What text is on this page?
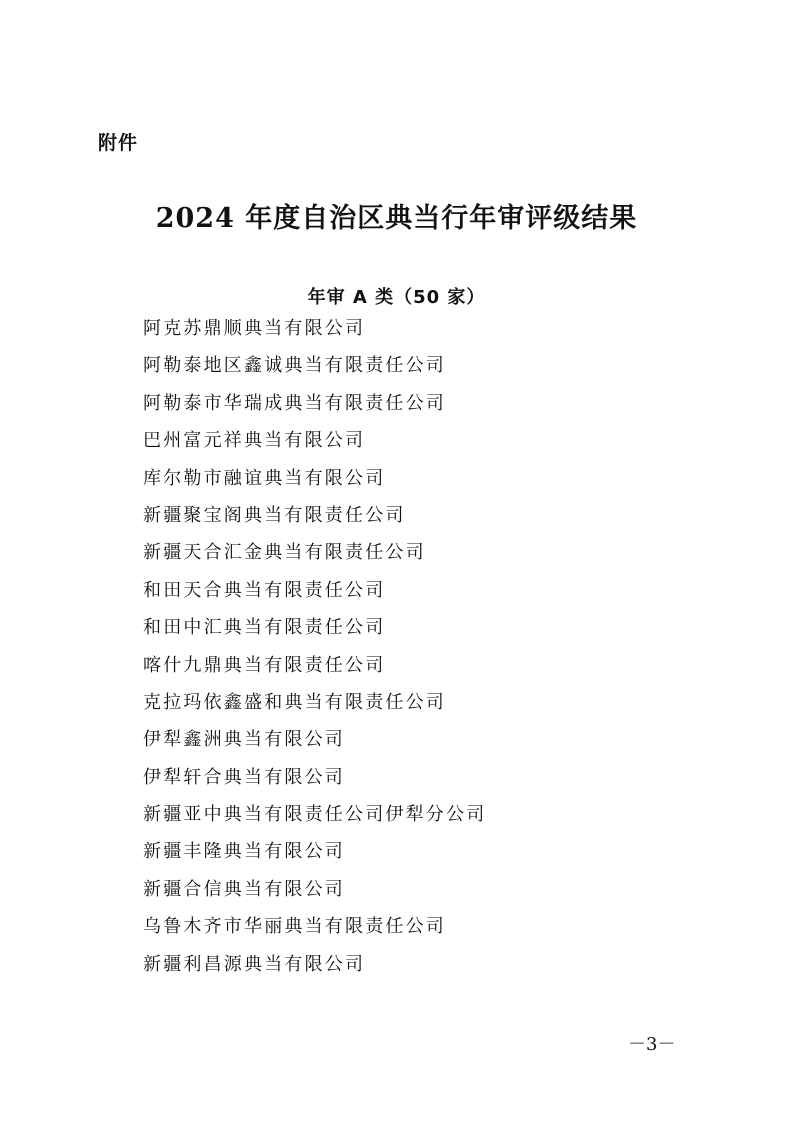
附件
2024 年度自治区典当行年审评级结果
年审 A 类（50 家）
阿克苏鼎顺典当有限公司
阿勒泰地区鑫诚典当有限责任公司
阿勒泰市华瑞成典当有限责任公司
巴州富元祥典当有限公司
库尔勒市融谊典当有限公司
新疆聚宝阁典当有限责任公司
新疆天合汇金典当有限责任公司
和田天合典当有限责任公司
和田中汇典当有限责任公司
喀什九鼎典当有限责任公司
克拉玛依鑫盛和典当有限责任公司
伊犁鑫洲典当有限公司
伊犁轩合典当有限公司
新疆亚中典当有限责任公司伊犁分公司
新疆丰隆典当有限公司
新疆合信典当有限公司
乌鲁木齐市华丽典当有限责任公司
新疆利昌源典当有限公司
－3－
